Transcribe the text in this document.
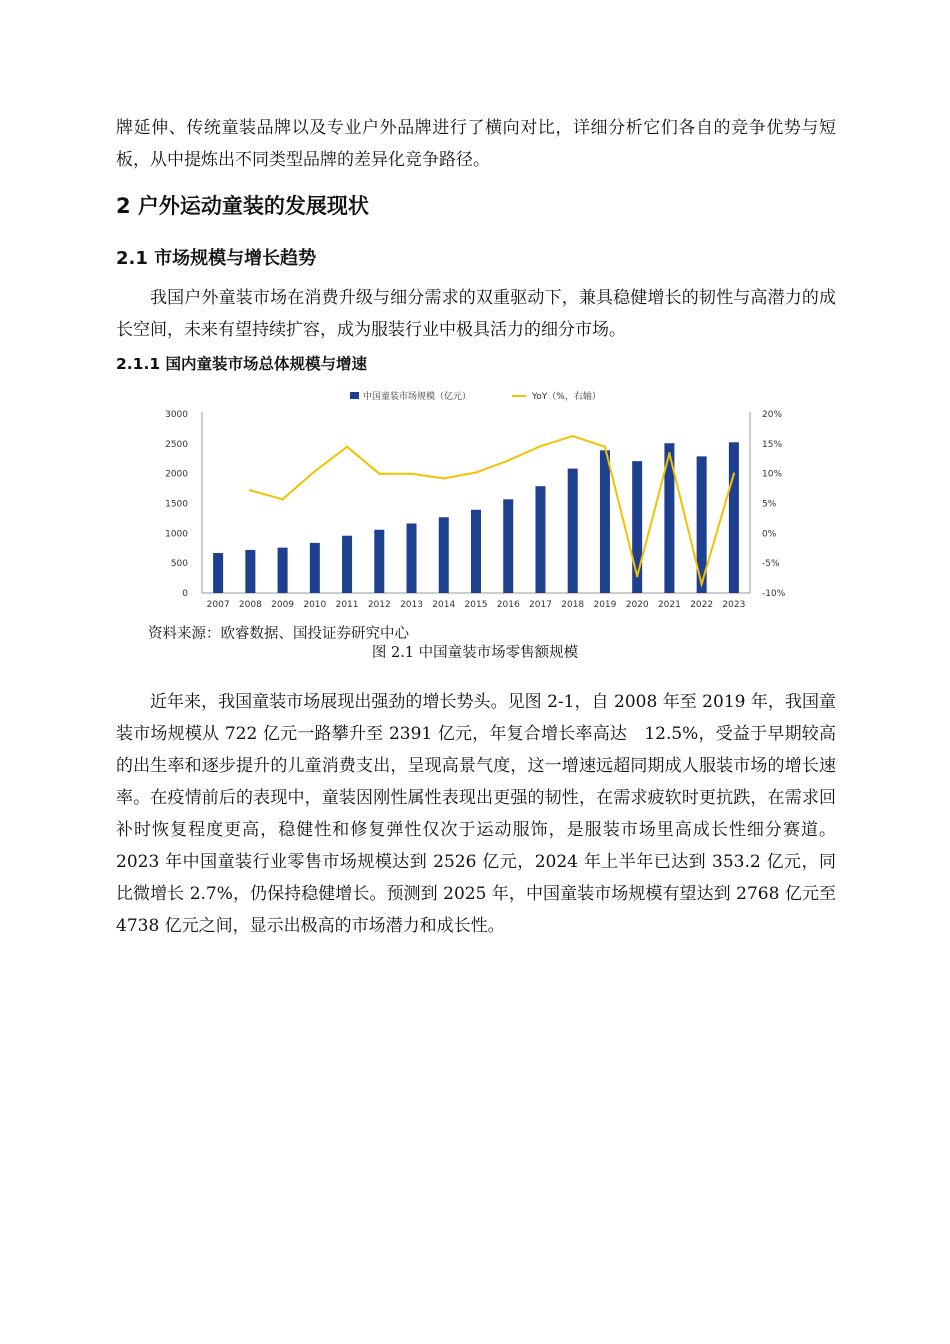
牌延伸、传统童装品牌以及专业户外品牌进行了横向对比，详细分析它们各自的竞争优势与短板，从中提炼出不同类型品牌的差异化竞争路径。

2 户外运动童装的发展现状
2.1 市场规模与增长趋势

我国户外童装市场在消费升级与细分需求的双重驱动下，兼具稳健增长的韧性与高潜力的成长空间，未来有望持续扩容，成为服装行业中极具活力的细分市场。

2.1.1 国内童装市场总体规模与增速
中国童装市场规模（亿元）	YoY（%，右轴）
0
500
1000
1500
2000
2500
3000
-10%
-5%
0%
5%
10%
15%
20%
2007 2008 2009 2010 2011 2012 2013 2014 2015 2016 2017 2018 2019 2020 2021 2022 2023
资料来源：欧睿数据、国投证券研究中心
图 2.1 中国童装市场零售额规模

近年来，我国童装市场展现出强劲的增长势头。见图 2-1，自 2008 年至 2019 年，我国童装市场规模从 722 亿元一路攀升至 2391 亿元，年复合增长率高达　12.5%，受益于早期较高的出生率和逐步提升的儿童消费支出，呈现高景气度，这一增速远超同期成人服装市场的增长速率。在疫情前后的表现中，童装因刚性属性表现出更强的韧性，在需求疲软时更抗跌，在需求回补时恢复程度更高，稳健性和修复弹性仅次于运动服饰，是服装市场里高成长性细分赛道。2023 年中国童装行业零售市场规模达到 2526 亿元，2024 年上半年已达到 353.2 亿元，同比微增长 2.7%，仍保持稳健增长。预测到 2025 年，中国童装市场规模有望达到 2768 亿元至 4738 亿元之间，显示出极高的市场潜力和成长性。
